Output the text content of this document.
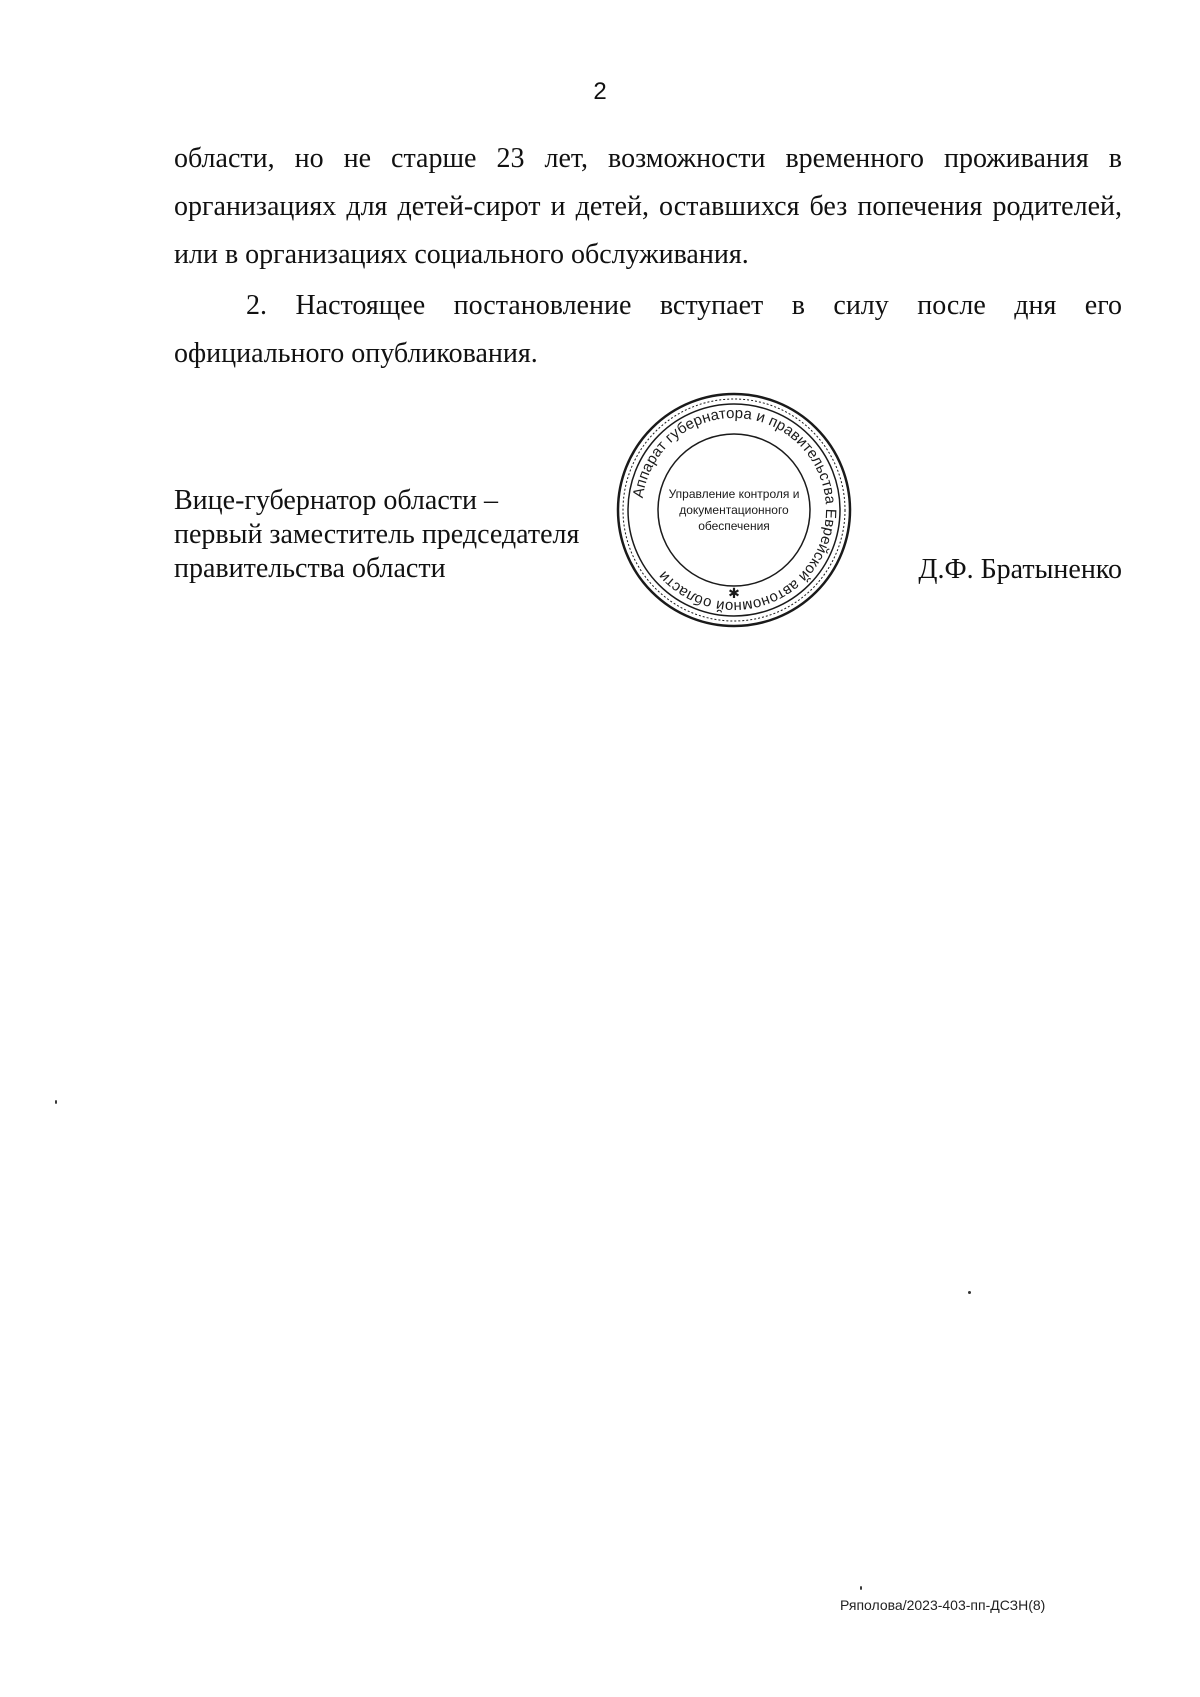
2

области, но не старше 23 лет, возможности временного проживания в организациях для детей-сирот и детей, оставшихся без попечения родителей, или в организациях социального обслуживания.

2. Настоящее постановление вступает в силу после дня его официального опубликования.

Вице-губернатор области –
первый заместитель председателя
правительства области
Аппарат губернатора и правительства Еврейской автономной области
✱
Управление контроля и
документационного
обеспечения
Д.Ф. Братыненко
Ряполова/2023-403-пп-ДСЗН(8)
